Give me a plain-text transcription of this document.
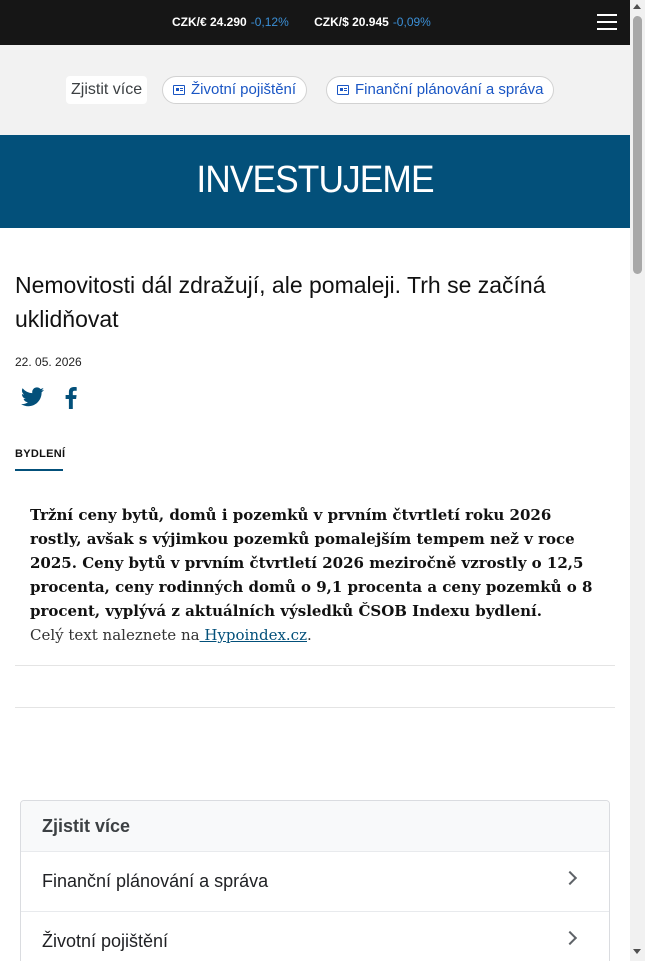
CZK/€ 24.290 -0,12% CZK/$ 20.945 -0,09%
Zjistit více	Životní pojištění	Finanční plánování a správa
INVESTUJEME
Nemovitosti dál zdražují, ale pomaleji. Trh se začíná uklidňovat
22. 05. 2026
BYDLENÍ

Tržní ceny bytů, domů i pozemků v prvním čtvrtletí roku 2026 rostly, avšak s výjimkou pozemků pomalejším tempem než v roce 2025. Ceny bytů v prvním čtvrtletí 2026 meziročně vzrostly o 12,5 procenta, ceny rodinných domů o 9,1 procenta a ceny pozemků o 8 procent, vyplývá z aktuálních výsledků ČSOB Indexu bydlení.

Celý text naleznete na Hypoindex.cz.

Zjistit více
Finanční plánování a správa
Životní pojištění
